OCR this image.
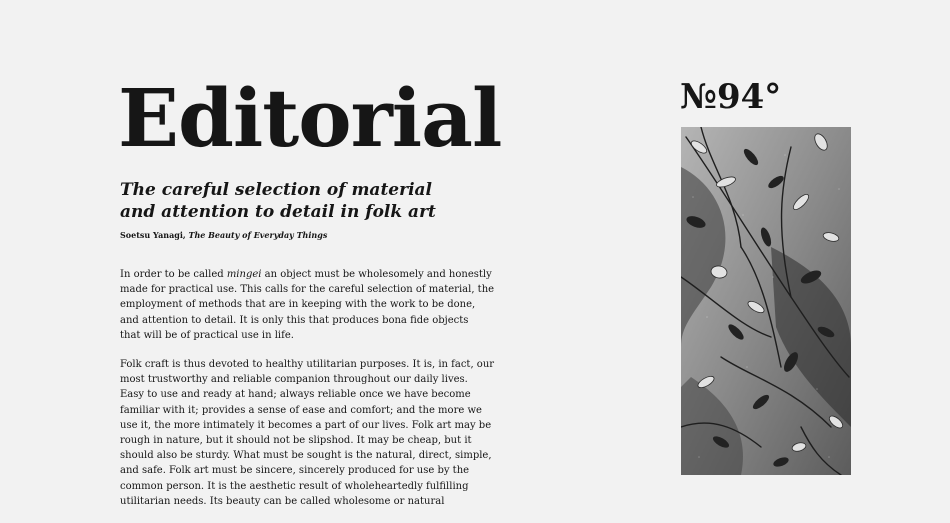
Editorial	№94°
The careful selection of material
and attention to detail in folk art
Soetsu Yanagi, The Beauty of Everyday Things

In order to be called mingei an object must be wholesomely and honestly
made for practical use. This calls for the careful selection of material, the
employment of methods that are in keeping with the work to be done,
and attention to detail. It is only this that produces bona fide objects
that will be of practical use in life.

Folk craft is thus devoted to healthy utilitarian purposes. It is, in fact, our
most trustworthy and reliable companion throughout our daily lives.
Easy to use and ready at hand; always reliable once we have become
familiar with it; provides a sense of ease and comfort; and the more we
use it, the more intimately it becomes a part of our lives. Folk art may be
rough in nature, but it should not be slipshod. It may be cheap, but it
should also be sturdy. What must be sought is the natural, direct, simple,
and safe. Folk art must be sincere, sincerely produced for use by the
common person. It is the aesthetic result of wholeheartedly fulfilling
utilitarian needs. Its beauty can be called wholesome or natural
